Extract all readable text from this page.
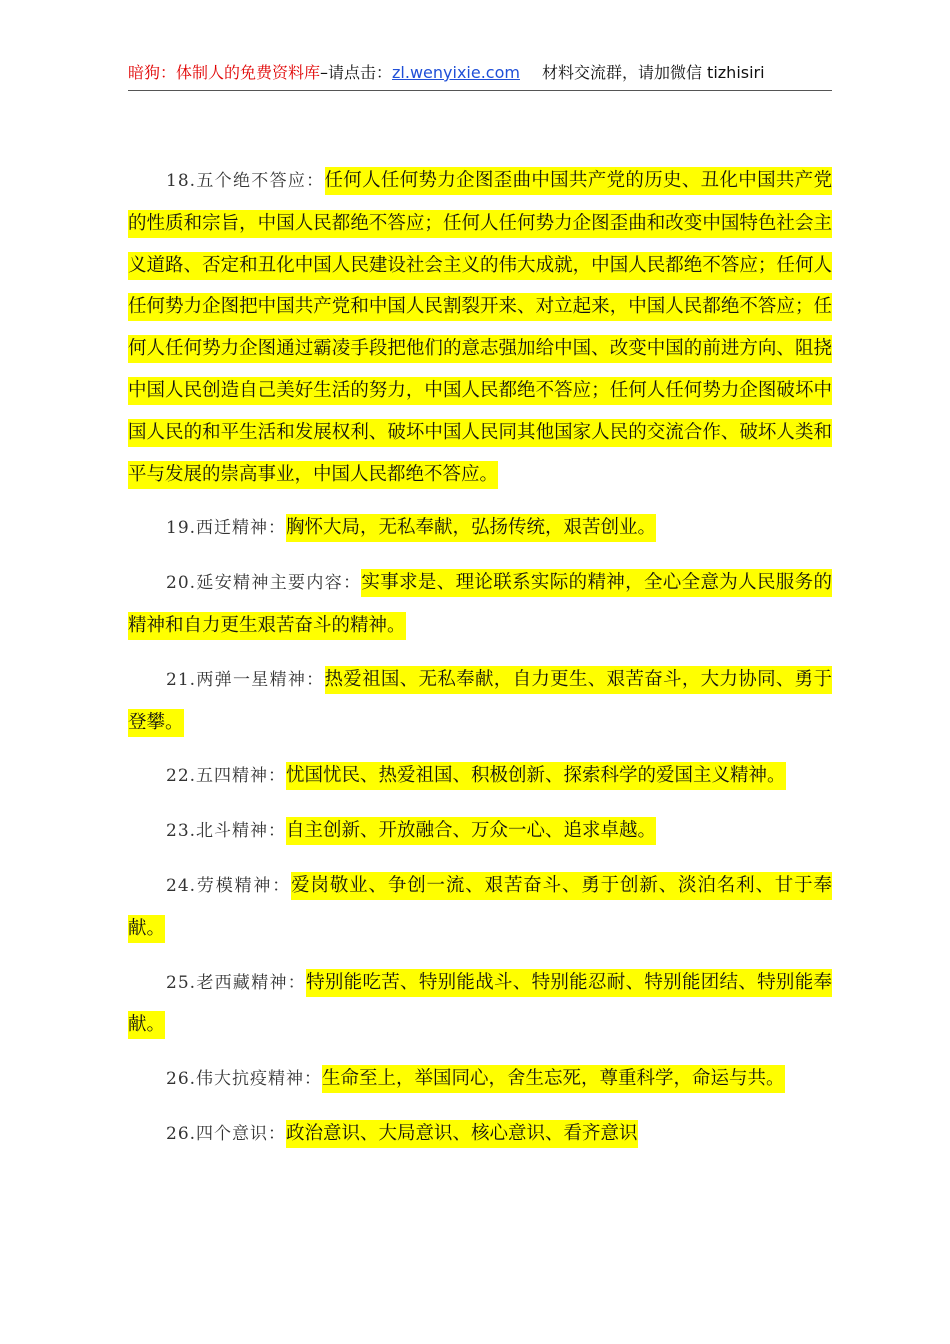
暗狗：体制人的免费资料库–请点击：zl.wenyixie.com 材料交流群，请加微信 tizhisiri

18.五个绝不答应：任何人任何势力企图歪曲中国共产党的历史、丑化中国共产党的性质和宗旨，中国人民都绝不答应；任何人任何势力企图歪曲和改变中国特色社会主义道路、否定和丑化中国人民建设社会主义的伟大成就，中国人民都绝不答应；任何人任何势力企图把中国共产党和中国人民割裂开来、对立起来，中国人民都绝不答应；任何人任何势力企图通过霸凌手段把他们的意志强加给中国、改变中国的前进方向、阻挠中国人民创造自己美好生活的努力，中国人民都绝不答应；任何人任何势力企图破坏中国人民的和平生活和发展权利、破坏中国人民同其他国家人民的交流合作、破坏人类和平与发展的崇高事业，中国人民都绝不答应。

19.西迁精神：胸怀大局，无私奉献，弘扬传统，艰苦创业。

20.延安精神主要内容：实事求是、理论联系实际的精神，全心全意为人民服务的精神和自力更生艰苦奋斗的精神。

21.两弹一星精神：热爱祖国、无私奉献，自力更生、艰苦奋斗，大力协同、勇于登攀。

22.五四精神：忧国忧民、热爱祖国、积极创新、探索科学的爱国主义精神。

23.北斗精神：自主创新、开放融合、万众一心、追求卓越。

24.劳模精神：爱岗敬业、争创一流、艰苦奋斗、勇于创新、淡泊名利、甘于奉献。

25.老西藏精神：特别能吃苦、特别能战斗、特别能忍耐、特别能团结、特别能奉献。

26.伟大抗疫精神：生命至上，举国同心，舍生忘死，尊重科学，命运与共。

26.四个意识：政治意识、大局意识、核心意识、看齐意识
